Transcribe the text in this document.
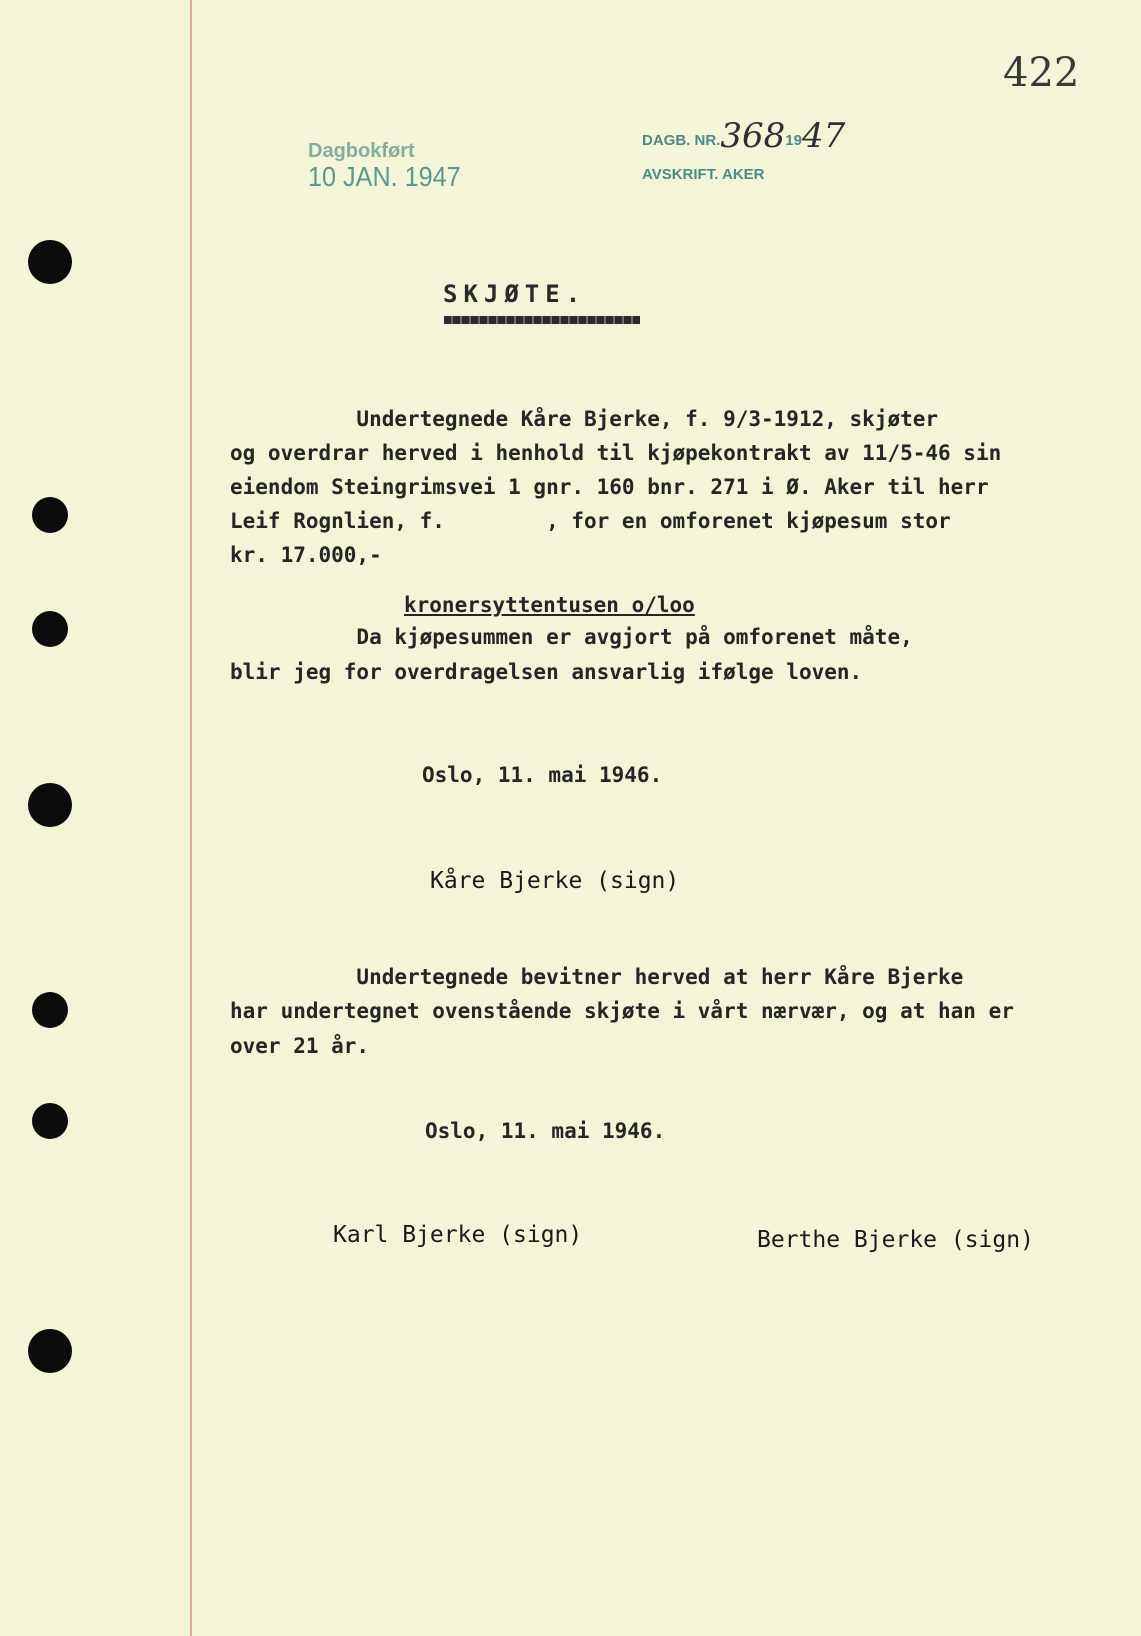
422
Dagbokført
10 JAN. 1947
DAGB. NR.3681947
AVSKRIFT. AKER
SKJØTE.
Undertegnede Kåre Bjerke, f. 9/3-1912, skjøter
og overdrar herved i henhold til kjøpekontrakt av 11/5-46 sin
eiendom Steingrimsvei 1 gnr. 160 bnr. 271 i Ø. Aker til herr
Leif Rognlien, f.        , for en omforenet kjøpesum stor
kr. 17.000,-
kronersyttentusen o/loo
Da kjøpesummen er avgjort på omforenet måte,
blir jeg for overdragelsen ansvarlig ifølge loven.
Oslo, 11. mai 1946.
Kåre Bjerke (sign)
Undertegnede bevitner herved at herr Kåre Bjerke
har undertegnet ovenstående skjøte i vårt nærvær, og at han er
over 21 år.
Oslo, 11. mai 1946.
Karl Bjerke (sign)	Berthe Bjerke (sign)
